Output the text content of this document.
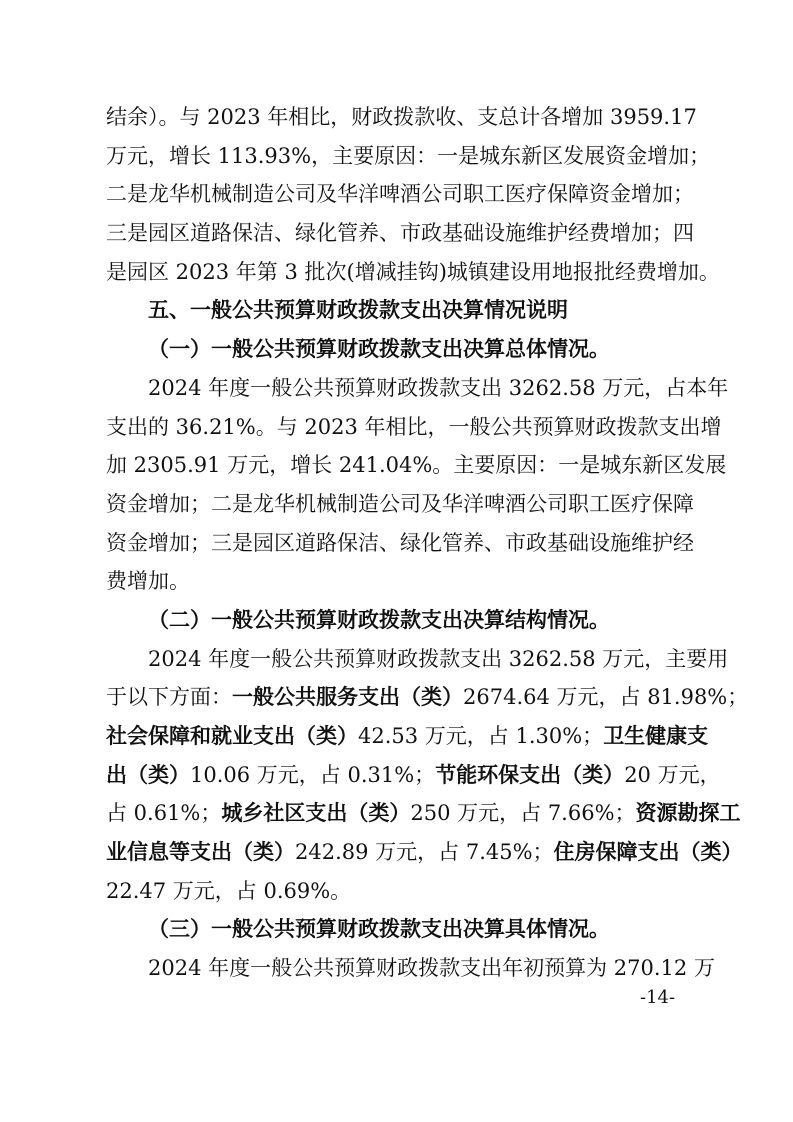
结余）。与 2023 年相比，财政拨款收、支总计各增加 3959.17
万元，增长 113.93%，主要原因：一是城东新区发展资金增加；
二是龙华机械制造公司及华洋啤酒公司职工医疗保障资金增加；
三是园区道路保洁、绿化管养、市政基础设施维护经费增加；四
是园区 2023 年第 3 批次(增减挂钩)城镇建设用地报批经费增加。
五、一般公共预算财政拨款支出决算情况说明
（一）一般公共预算财政拨款支出决算总体情况。
2024 年度一般公共预算财政拨款支出 3262.58 万元，占本年
支出的 36.21%。与 2023 年相比，一般公共预算财政拨款支出增
加 2305.91 万元，增长 241.04%。主要原因：一是城东新区发展
资金增加；二是龙华机械制造公司及华洋啤酒公司职工医疗保障
资金增加；三是园区道路保洁、绿化管养、市政基础设施维护经
费增加。
（二）一般公共预算财政拨款支出决算结构情况。
2024 年度一般公共预算财政拨款支出 3262.58 万元，主要用
于以下方面：一般公共服务支出（类）2674.64 万元，占 81.98%；
社会保障和就业支出（类）42.53 万元，占 1.30%；卫生健康支
出（类）10.06 万元，占 0.31%；节能环保支出（类）20 万元，
占 0.61%；城乡社区支出（类）250 万元，占 7.66%；资源勘探工
业信息等支出（类）242.89 万元，占 7.45%；住房保障支出（类）
22.47 万元，占 0.69%。
（三）一般公共预算财政拨款支出决算具体情况。
2024 年度一般公共预算财政拨款支出年初预算为 270.12 万
-14-
